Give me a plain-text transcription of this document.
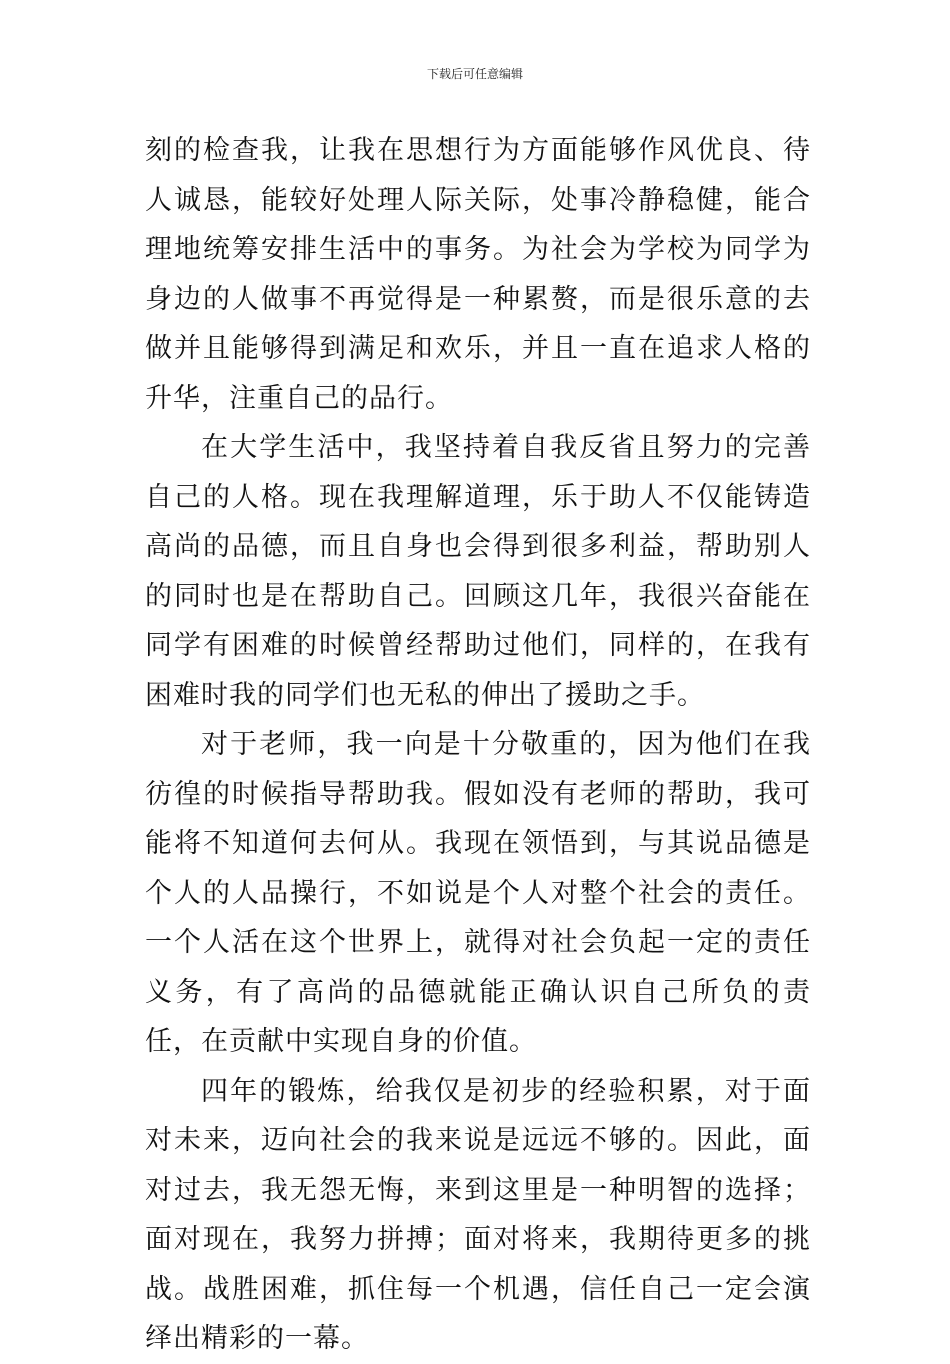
下载后可任意编辑

刻的检查我，让我在思想行为方面能够作风优良、待人诚恳，能较好处理人际关际，处事冷静稳健，能合理地统筹安排生活中的事务。为社会为学校为同学为身边的人做事不再觉得是一种累赘，而是很乐意的去做并且能够得到满足和欢乐，并且一直在追求人格的升华，注重自己的品行。

在大学生活中，我坚持着自我反省且努力的完善自己的人格。现在我理解道理，乐于助人不仅能铸造高尚的品德，而且自身也会得到很多利益，帮助别人的同时也是在帮助自己。回顾这几年，我很兴奋能在同学有困难的时候曾经帮助过他们，同样的，在我有困难时我的同学们也无私的伸出了援助之手。

对于老师，我一向是十分敬重的，因为他们在我彷徨的时候指导帮助我。假如没有老师的帮助，我可能将不知道何去何从。我现在领悟到，与其说品德是个人的人品操行，不如说是个人对整个社会的责任。一个人活在这个世界上，就得对社会负起一定的责任义务，有了高尚的品德就能正确认识自己所负的责任，在贡献中实现自身的价值。

四年的锻炼，给我仅是初步的经验积累，对于面对未来，迈向社会的我来说是远远不够的。因此，面对过去，我无怨无悔，来到这里是一种明智的选择；面对现在，我努力拼搏；面对将来，我期待更多的挑战。战胜困难，抓住每一个机遇，信任自己一定会演绎出精彩的一幕。
